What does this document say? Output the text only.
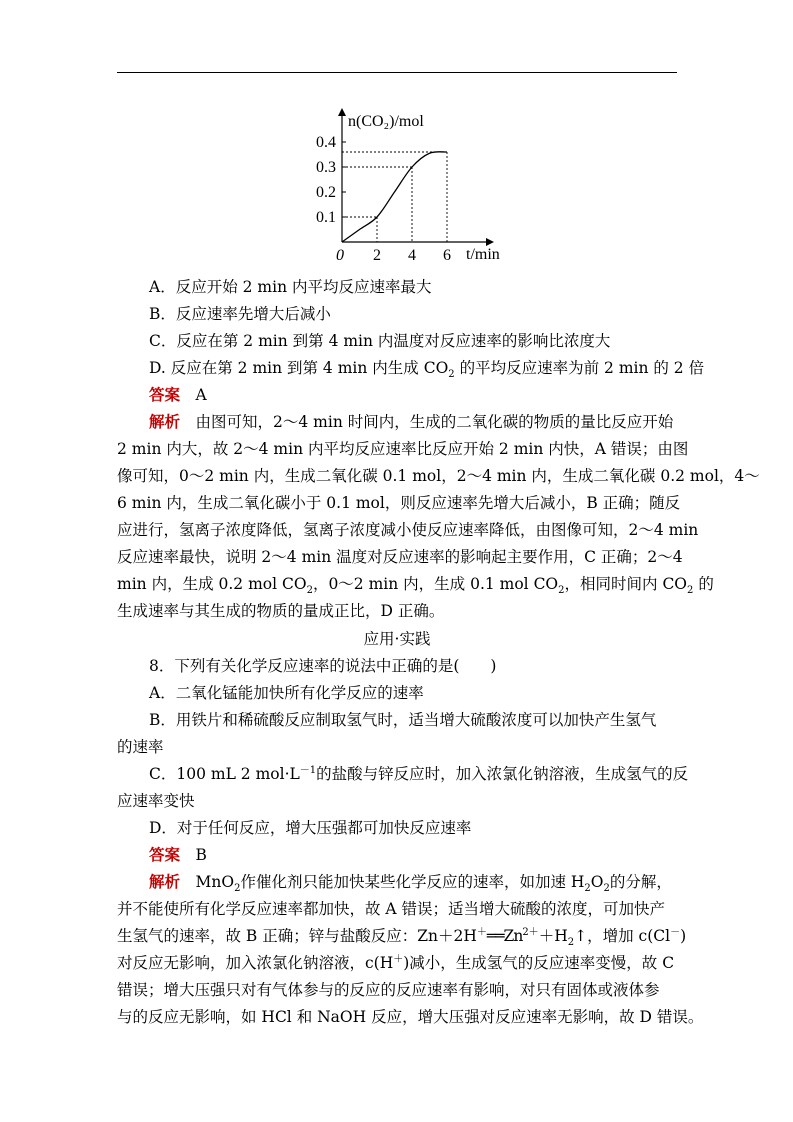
n(CO₂)/mol
t/min
0 2 4 6
0.1
0.2
0.3
0.4
A．反应开始 2 min 内平均反应速率最大
B．反应速率先增大后减小
C．反应在第 2 min 到第 4 min 内温度对反应速率的影响比浓度大
D. 反应在第 2 min 到第 4 min 内生成 $CO_2$ 的平均反应速率为前 2 min 的 2 倍
答案　 A
解析　 由图可知，2～4 min 时间内，生成的二氧化碳的物质的量比反应开始
2 min 内大，故 2～4 min 内平均反应速率比反应开始 2 min 内快，A 错误；由图
像可知，0～2 min 内，生成二氧化碳 0.1 mol，2～4 min 内，生成二氧化碳 0.2 mol，4～
6 min 内，生成二氧化碳小于 0.1 mol，则反应速率先增大后减小，B 正确；随反
应进行，氢离子浓度降低，氢离子浓度减小使反应速率降低，由图像可知，2～4 min
反应速率最快，说明 2～4 min 温度对反应速率的影响起主要作用，C 正确；2～4
min 内，生成 0.2 mol $CO_2$，0～2 min 内，生成 0.1 mol $CO_2$，相同时间内 $CO_2$ 的
生成速率与其生成的物质的量成正比，D 正确。
应用·实践
8．下列有关化学反应速率的说法中正确的是(　　)
A．二氧化锰能加快所有化学反应的速率
B．用铁片和稀硫酸反应制取氢气时，适当增大硫酸浓度可以加快产生氢气
的速率
C．100 mL 2 $mol\cdot L^{-1}$的盐酸与锌反应时，加入浓氯化钠溶液，生成氢气的反
应速率变快
D．对于任何反应，增大压强都可加快反应速率
答案　 B
解析　 MnO$_2$作催化剂只能加快某些化学反应的速率，如加速 $H_2O_2$的分解，
并不能使所有化学反应速率都加快，故 A 错误；适当增大硫酸的浓度，可加快产
生氢气的速率，故 B 正确；锌与盐酸反应：$Zn+2H^+══Zn^{2+}+H_2↑$，增加 c(Cl－)
对反应无影响，加入浓氯化钠溶液，c(H＋)减小，生成氢气的反应速率变慢，故 C
错误；增大压强只对有气体参与的反应的反应速率有影响，对只有固体或液体参
与的反应无影响，如 HCl 和 NaOH 反应，增大压强对反应速率无影响，故 D 错误。
